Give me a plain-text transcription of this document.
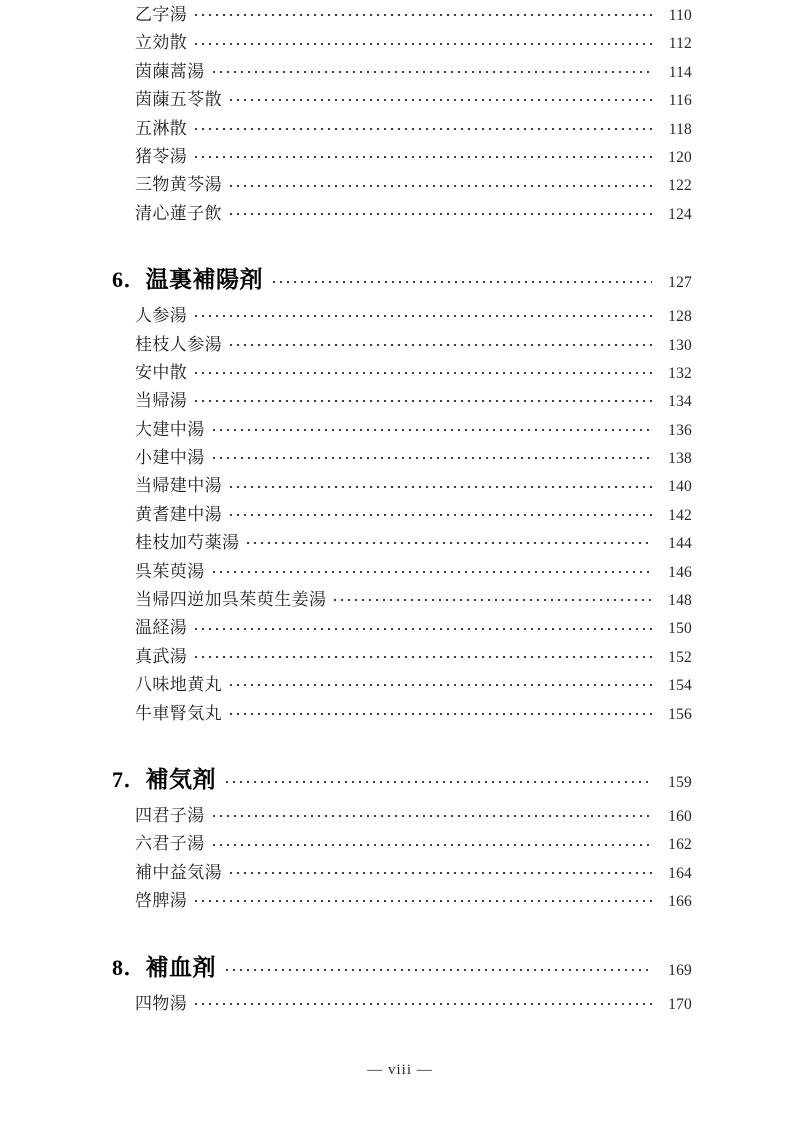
乙字湯	110
立効散	112
茵蔯蒿湯	114
茵蔯五苓散	116
五淋散	118
猪苓湯	120
三物黄芩湯	122
清心蓮子飲	124
6．温裏補陽剤	127
人参湯	128
桂枝人参湯	130
安中散	132
当帰湯	134
大建中湯	136
小建中湯	138
当帰建中湯	140
黄耆建中湯	142
桂枝加芍薬湯	144
呉茱萸湯	146
当帰四逆加呉茱萸生姜湯	148
温経湯	150
真武湯	152
八味地黄丸	154
牛車腎気丸	156
7．補気剤	159
四君子湯	160
六君子湯	162
補中益気湯	164
啓脾湯	166
8．補血剤	169
四物湯	170
— viii —
